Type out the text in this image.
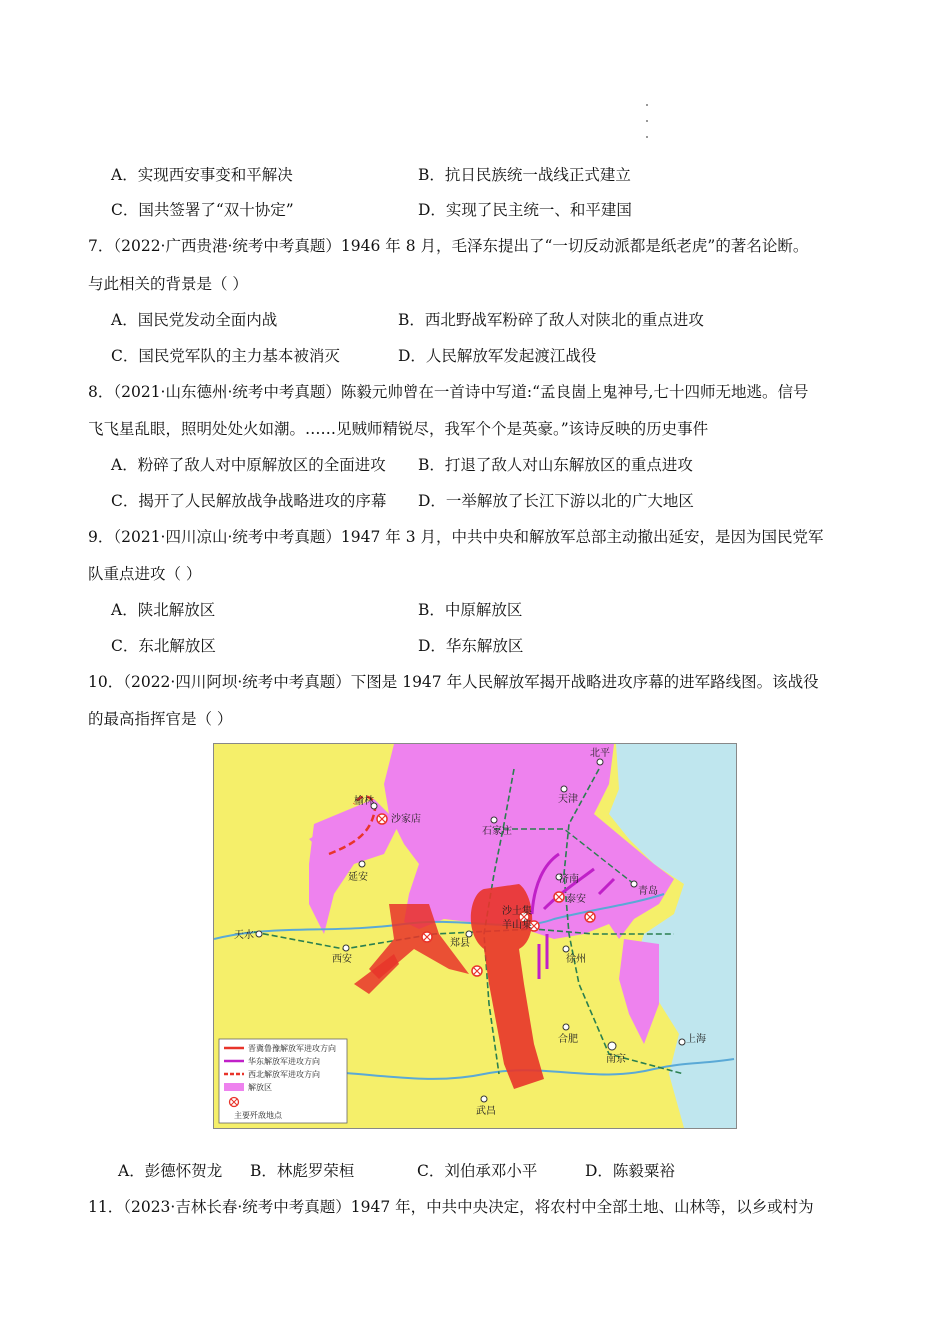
A．实现西安事变和平解决	B．抗日民族统一战线正式建立
C．国共签署了“双十协定”	D．实现了民主统一、和平建国
7．（2022·广西贵港·统考中考真题）1946 年 8 月，毛泽东提出了“一切反动派都是纸老虎”的著名论断。
与此相关的背景是（ ）
A．国民党发动全面内战	B．西北野战军粉碎了敌人对陕北的重点进攻
C．国民党军队的主力基本被消灭	D．人民解放军发起渡江战役
8．（2021·山东德州·统考中考真题）陈毅元帅曾在一首诗中写道:“孟良崮上鬼神号,七十四师无地逃。信号
飞飞星乱眼，照明处处火如潮。……见贼师精锐尽，我军个个是英豪。”该诗反映的历史事件
A．粉碎了敌人对中原解放区的全面进攻 B．打退了敌人对山东解放区的重点进攻
C．揭开了人民解放战争战略进攻的序幕 D．一举解放了长江下游以北的广大地区
9．（2021·四川凉山·统考中考真题）1947 年 3 月，中共中央和解放军总部主动撤出延安，是因为国民党军
队重点进攻（ ）
A．陕北解放区	B．中原解放区
C．东北解放区	D．华东解放区
10．（2022·四川阿坝·统考中考真题）下图是 1947 年人民解放军揭开战略进攻序幕的进军路线图。该战役
的最高指挥官是（ ）
北平
天津
榆林
沙家店
石家庄
延安	济南
泰安
青岛
天水
西安
郑县
沙土集
羊山集
徐州
南京
合肥	上海
武昌
晋冀鲁豫解放军进攻方向
华东解放军进攻方向
西北解放军进攻方向
解放区
主要歼敌地点
A．彭德怀贺龙 B．林彪罗荣桓	C．刘伯承邓小平	D．陈毅粟裕
11．（2023·吉林长春·统考中考真题）1947 年，中共中央决定，将农村中全部土地、山林等，以乡或村为
